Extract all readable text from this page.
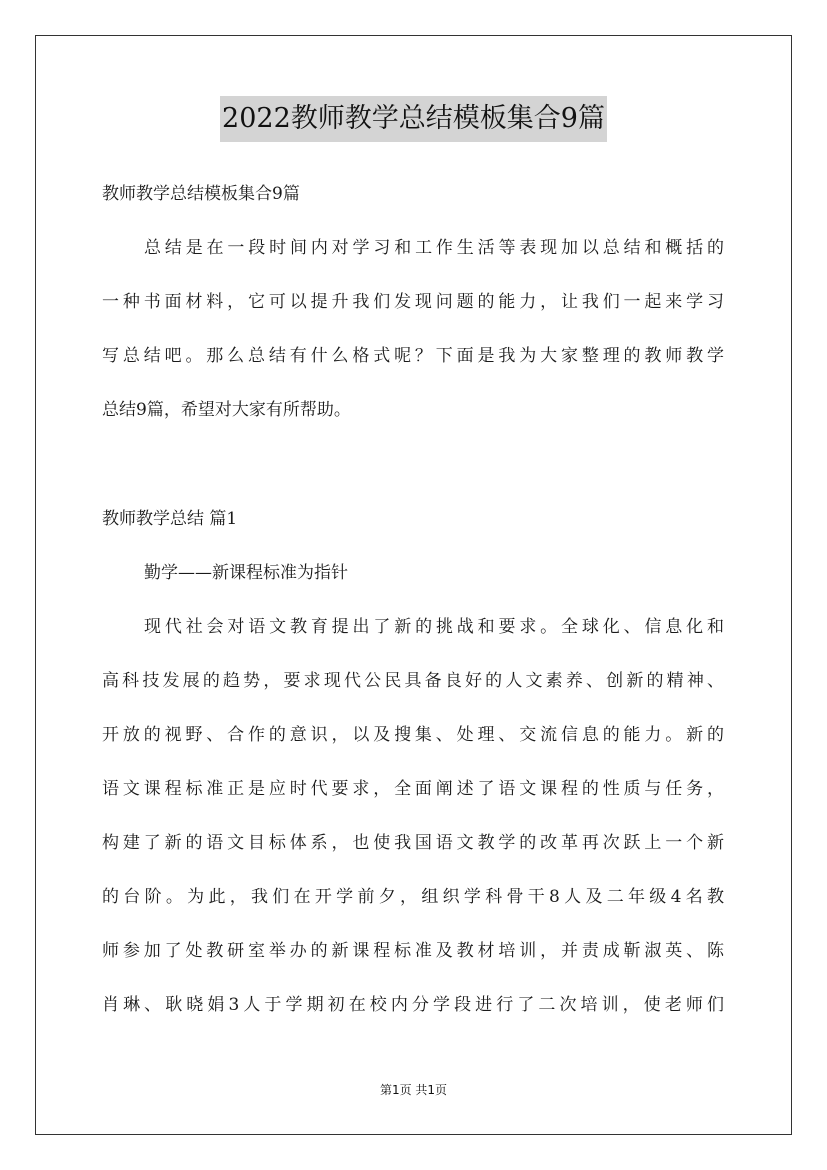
2022教师教学总结模板集合9篇
教师教学总结模板集合9篇
总结是在一段时间内对学习和工作生活等表现加以总结和概括的
一种书面材料，它可以提升我们发现问题的能力，让我们一起来学习
写总结吧。那么总结有什么格式呢？下面是我为大家整理的教师教学
总结9篇，希望对大家有所帮助。
教师教学总结 篇1
勤学——新课程标准为指针
现代社会对语文教育提出了新的挑战和要求。全球化、信息化和
高科技发展的趋势，要求现代公民具备良好的人文素养、创新的精神、
开放的视野、合作的意识，以及搜集、处理、交流信息的能力。新的
语文课程标准正是应时代要求，全面阐述了语文课程的性质与任务，
构建了新的语文目标体系，也使我国语文教学的改革再次跃上一个新
的台阶。为此，我们在开学前夕，组织学科骨干8人及二年级4名教
师参加了处教研室举办的新课程标准及教材培训，并责成靳淑英、陈
肖琳、耿晓娟3人于学期初在校内分学段进行了二次培训，使老师们
第1页 共1页
